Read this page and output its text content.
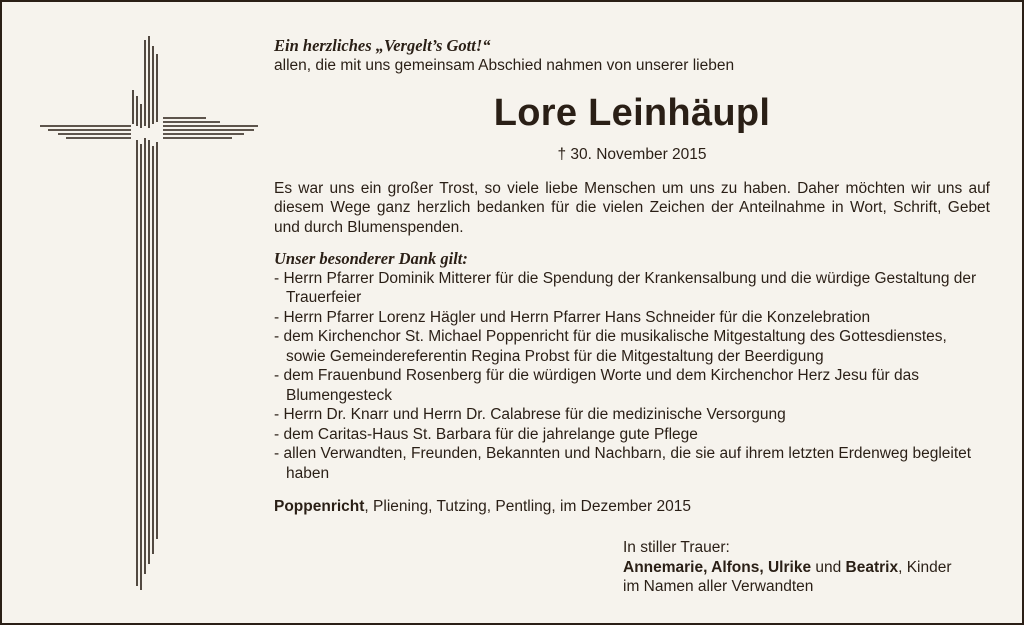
Ein herzliches „Vergelt’s Gott!“
allen, die mit uns gemeinsam Abschied nahmen von unserer lieben
Lore Leinhäupl
† 30. November 2015
Es war uns ein großer Trost, so viele liebe Menschen um uns zu haben. Daher möchten wir uns auf diesem Wege ganz herzlich bedanken für die vielen Zeichen der Anteilnahme in Wort, Schrift, Gebet und durch Blumenspenden.
Unser besonderer Dank gilt:
- Herrn Pfarrer Dominik Mitterer für die Spendung der Krankensalbung und die würdige Gestaltung der Trauerfeier
- Herrn Pfarrer Lorenz Hägler und Herrn Pfarrer Hans Schneider für die Konzelebration
- dem Kirchenchor St. Michael Poppenricht für die musikalische Mitgestaltung des Gottesdienstes, sowie Gemeindereferentin Regina Probst für die Mitgestaltung der Beerdigung
- dem Frauenbund Rosenberg für die würdigen Worte und dem Kirchenchor Herz Jesu für das Blumengesteck
- Herrn Dr. Knarr und Herrn Dr. Calabrese für die medizinische Versorgung
- dem Caritas-Haus St. Barbara für die jahrelange gute Pflege
- allen Verwandten, Freunden, Bekannten und Nachbarn, die sie auf ihrem letzten Erdenweg begleitet haben
Poppenricht, Pliening, Tutzing, Pentling, im Dezember 2015
In stiller Trauer:
Annemarie, Alfons, Ulrike und Beatrix, Kinder
im Namen aller Verwandten
